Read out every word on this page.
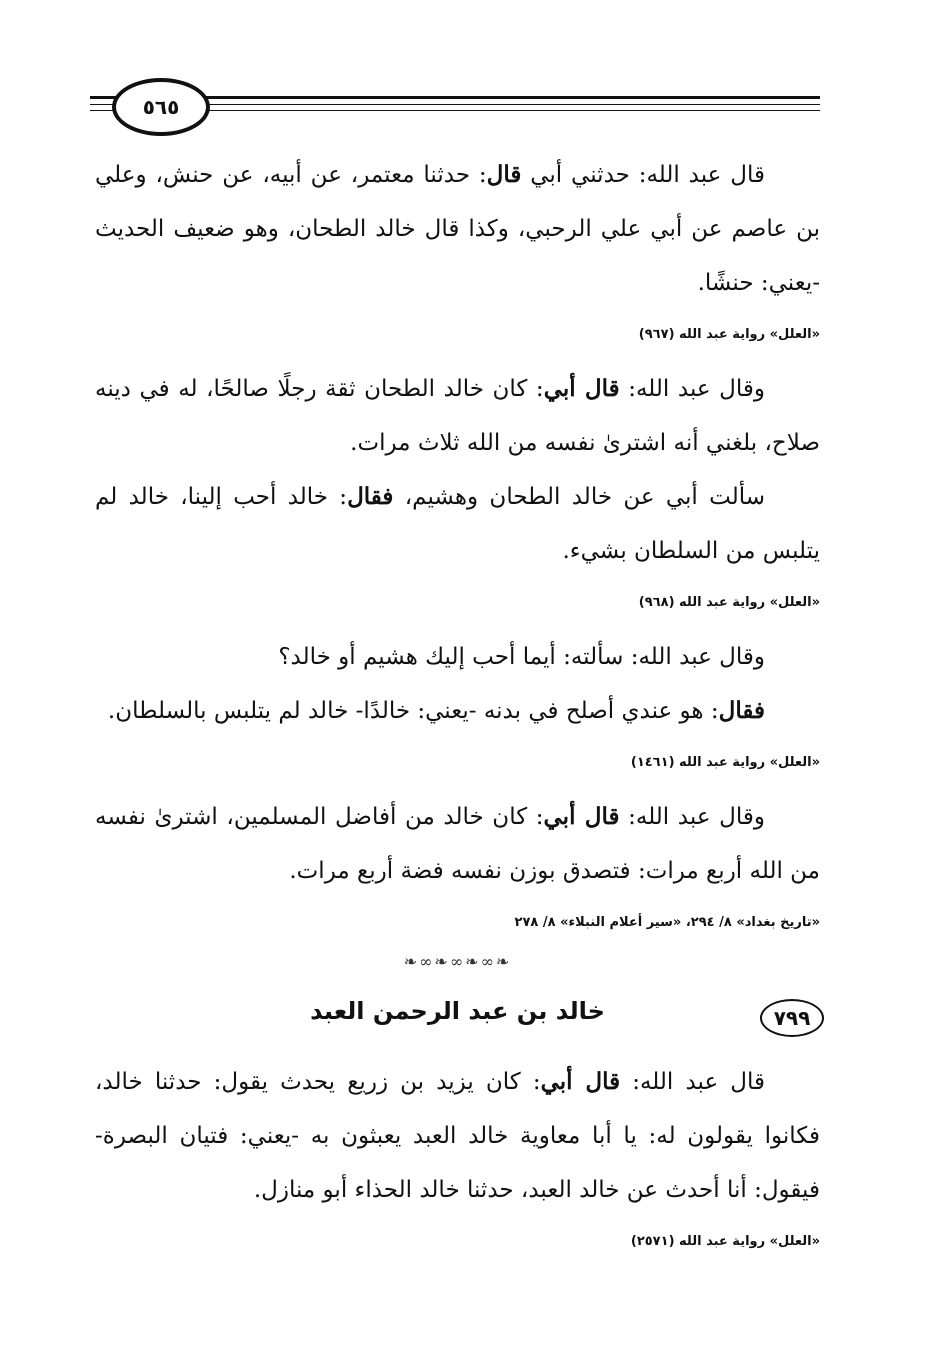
٥٦٥

قال عبد الله: حدثني أبي قال: حدثنا معتمر، عن أبيه، عن حنش، وعلي بن عاصم عن أبي علي الرحبي، وكذا قال خالد الطحان، وهو ضعيف الحديث -يعني: حنشًا.

«العلل» رواية عبد الله (٩٦٧)

وقال عبد الله: قال أبي: كان خالد الطحان ثقة رجلًا صالحًا، له في دينه صلاح، بلغني أنه اشترىٰ نفسه من الله ثلاث مرات.

سألت أبي عن خالد الطحان وهشيم، فقال: خالد أحب إلينا، خالد لم يتلبس من السلطان بشيء.

«العلل» رواية عبد الله (٩٦٨)

وقال عبد الله: سألته: أيما أحب إليك هشيم أو خالد؟

فقال: هو عندي أصلح في بدنه -يعني: خالدًا- خالد لم يتلبس بالسلطان.

«العلل» رواية عبد الله (١٤٦١)

وقال عبد الله: قال أبي: كان خالد من أفاضل المسلمين، اشترىٰ نفسه من الله أربع مرات: فتصدق بوزن نفسه فضة أربع مرات.

«تاريخ بغداد» ٨/ ٢٩٤، «سير أعلام النبلاء» ٨/ ٢٧٨
❧∞❧∞❧∞❧
٧٩٩
خالد بن عبد الرحمن العبد

قال عبد الله: قال أبي: كان يزيد بن زريع يحدث يقول: حدثنا خالد، فكانوا يقولون له: يا أبا معاوية خالد العبد يعبثون به -يعني: فتيان البصرة- فيقول: أنا أحدث عن خالد العبد، حدثنا خالد الحذاء أبو منازل.

«العلل» رواية عبد الله (٢٥٧١)
